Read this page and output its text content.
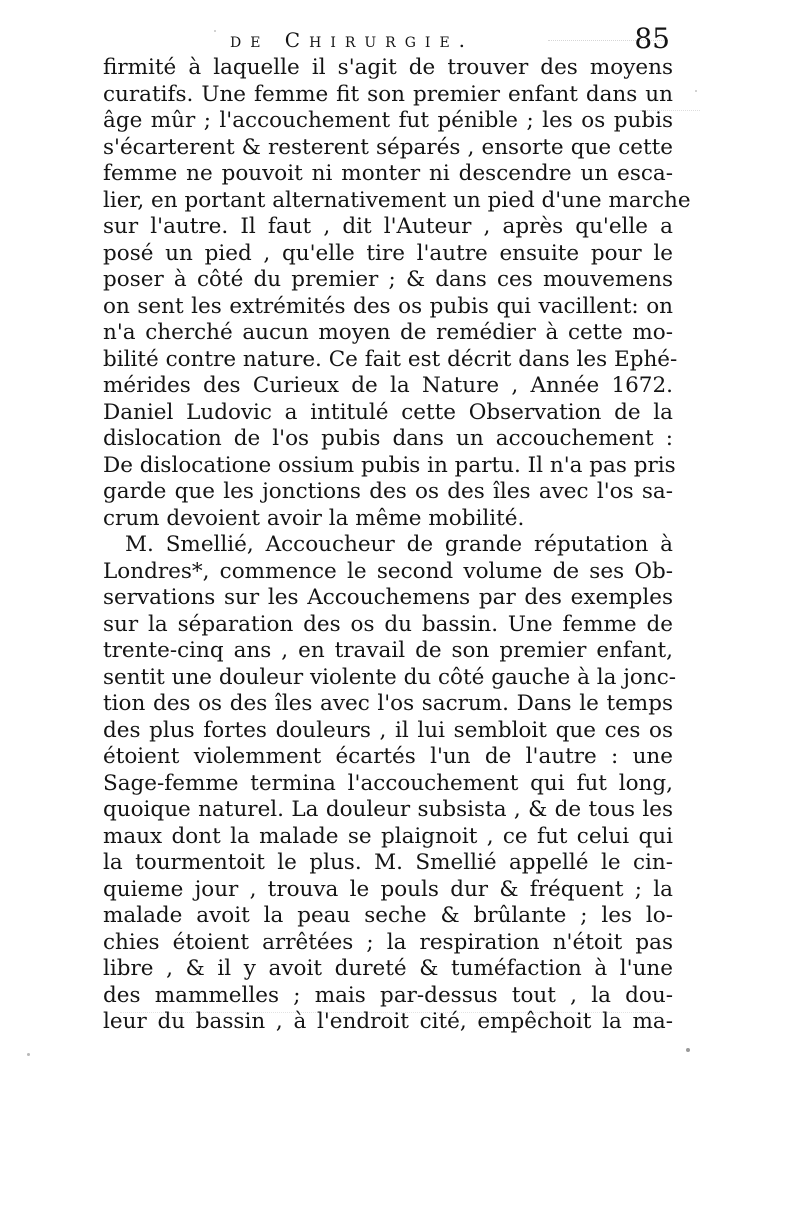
de Chirurgie.	85
firmité à laquelle il s'agit de trouver des moyens
curatifs. Une femme fit son premier enfant dans un
âge mûr ; l'accouchement fut pénible ; les os pubis
s'écarterent & resterent séparés , ensorte que cette
femme ne pouvoit ni monter ni descendre un esca-
lier, en portant alternativement un pied d'une marche
sur l'autre. Il faut , dit l'Auteur , après qu'elle a
posé un pied , qu'elle tire l'autre ensuite pour le
poser à côté du premier ; & dans ces mouvemens
on sent les extrémités des os pubis qui vacillent: on
n'a cherché aucun moyen de remédier à cette mo-
bilité contre nature. Ce fait est décrit dans les Ephé-
mérides des Curieux de la Nature , Année 1672.
Daniel Ludovic a intitulé cette Observation de la
dislocation de l'os pubis dans un accouchement :
De dislocatione ossium pubis in partu. Il n'a pas pris
garde que les jonctions des os des îles avec l'os sa-
crum devoient avoir la même mobilité.
M. Smellié, Accoucheur de grande réputation à
Londres*, commence le second volume de ses Ob-
servations sur les Accouchemens par des exemples
sur la séparation des os du bassin. Une femme de
trente-cinq ans , en travail de son premier enfant,
sentit une douleur violente du côté gauche à la jonc-
tion des os des îles avec l'os sacrum. Dans le temps
des plus fortes douleurs , il lui sembloit que ces os
étoient violemment écartés l'un de l'autre : une
Sage-femme termina l'accouchement qui fut long,
quoique naturel. La douleur subsista , & de tous les
maux dont la malade se plaignoit , ce fut celui qui
la tourmentoit le plus. M. Smellié appellé le cin-
quieme jour , trouva le pouls dur & fréquent ; la
malade avoit la peau seche & brûlante ; les lo-
chies étoient arrêtées ; la respiration n'étoit pas
libre , & il y avoit dureté & tuméfaction à l'une
des mammelles ; mais par-dessus tout , la dou-
leur du bassin , à l'endroit cité, empêchoit la ma-
